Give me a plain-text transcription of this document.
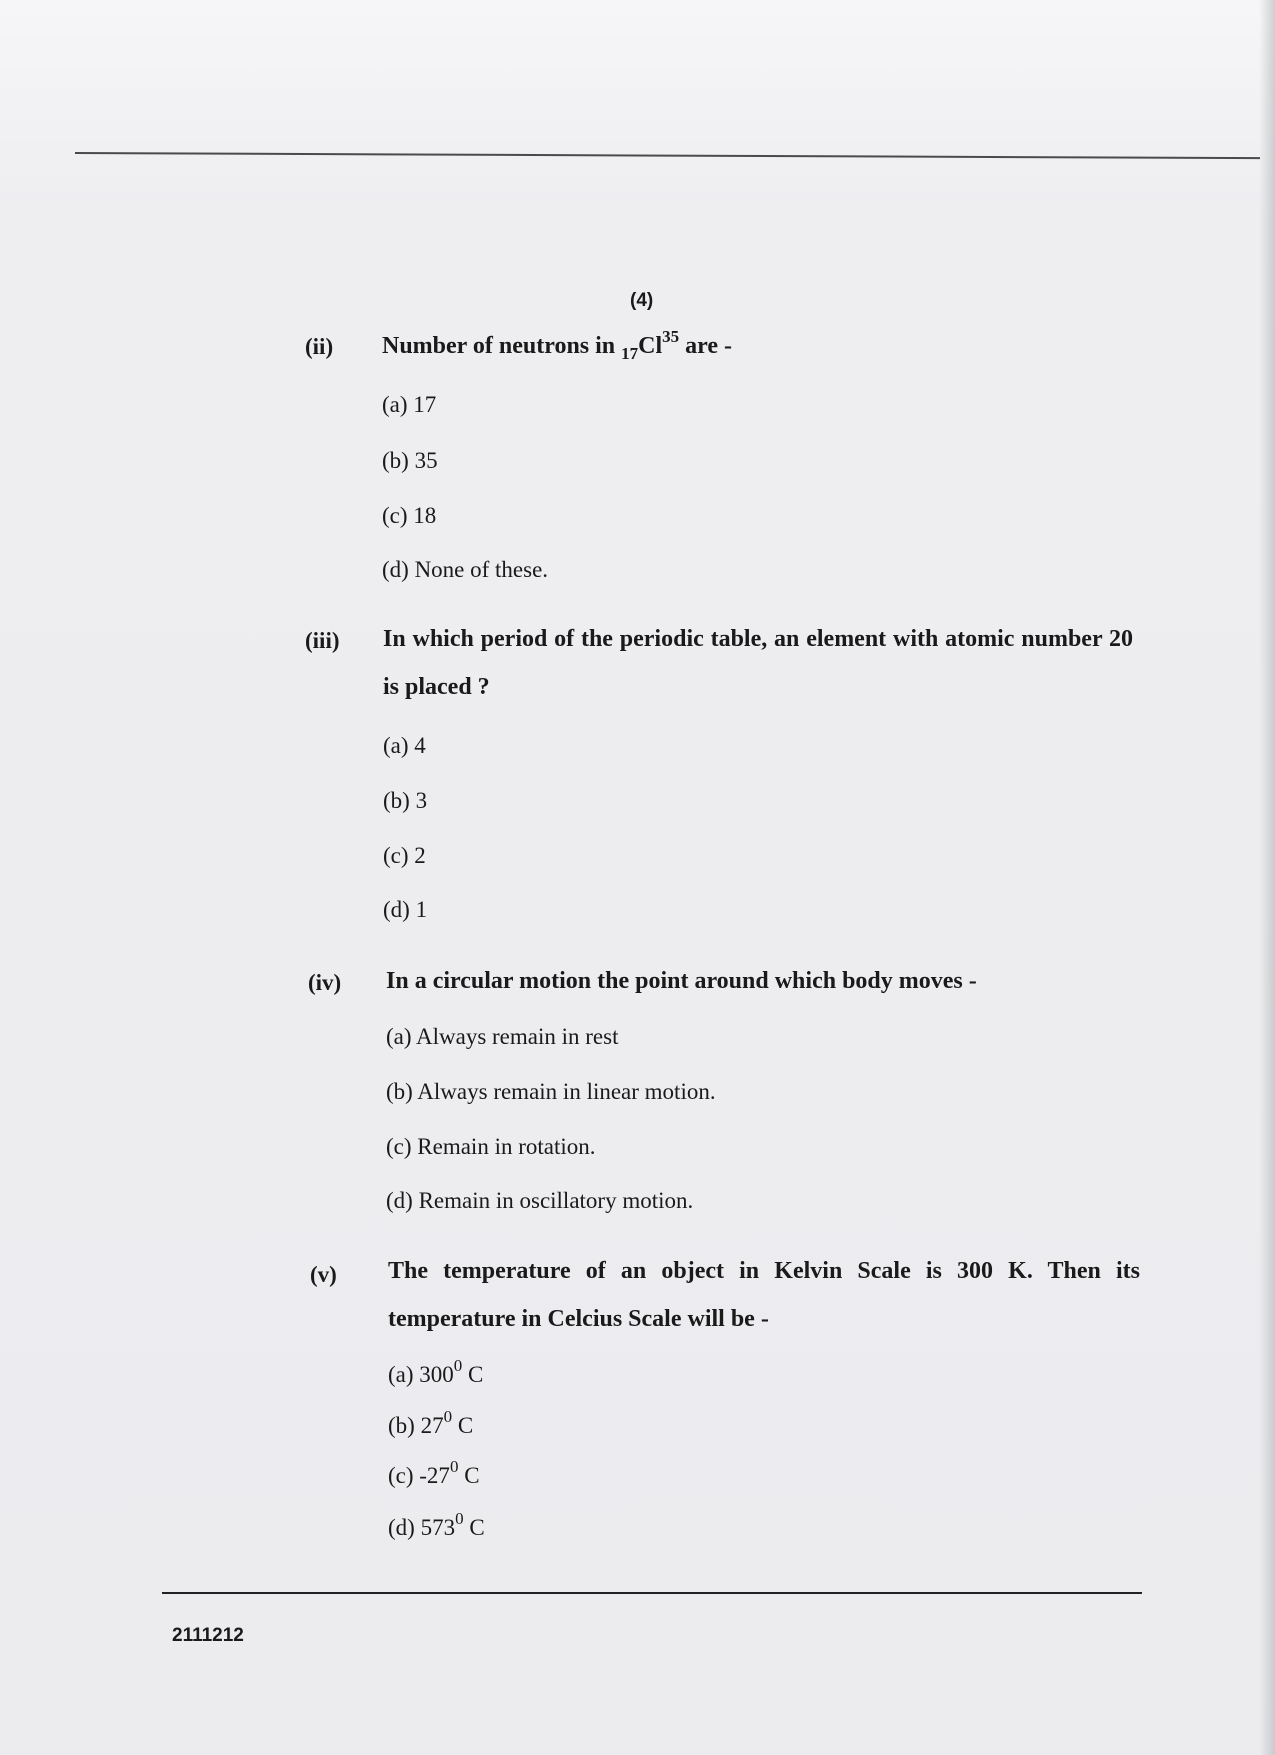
(4)
(ii) Number of neutrons in $_{17}Cl^{35}$ are -
(a) 17
(b) 35
(c) 18
(d) None of these.
(iii) In which period of the periodic table, an element with atomic number 20 is placed ?
(a) 4
(b) 3
(c) 2
(d) 1
(iv) In a circular motion the point around which body moves -
(a) Always remain in rest
(b) Always remain in linear motion.
(c) Remain in rotation.
(d) Remain in oscillatory motion.
(v) The temperature of an object in Kelvin Scale is 300 K. Then its temperature in Celcius Scale will be -
(a) $300^0$ C
(b) $27^0$ C
(c) $-27^0$ C
(d) $573^0$ C
2111212
